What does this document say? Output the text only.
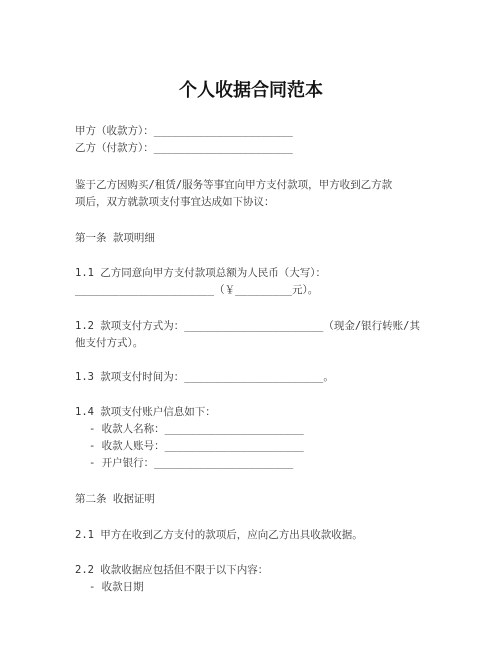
个人收据合同范本
甲方（收款方）：______________________
乙方（付款方）：______________________
鉴于乙方因购买/租赁/服务等事宜向甲方支付款项，甲方收到乙方款
项后，双方就款项支付事宜达成如下协议：
第一条 款项明细
1.1 乙方同意向甲方支付款项总额为人民币（大写）：
______________________（￥_________元）。
1.2 款项支付方式为：______________________（现金/银行转账/其
他支付方式）。
1.3 款项支付时间为：______________________。
1.4 款项支付账户信息如下：
- 收款人名称：______________________
- 收款人账号：______________________
- 开户银行：______________________
第二条 收据证明
2.1 甲方在收到乙方支付的款项后，应向乙方出具收款收据。
2.2 收款收据应包括但不限于以下内容：
- 收款日期
